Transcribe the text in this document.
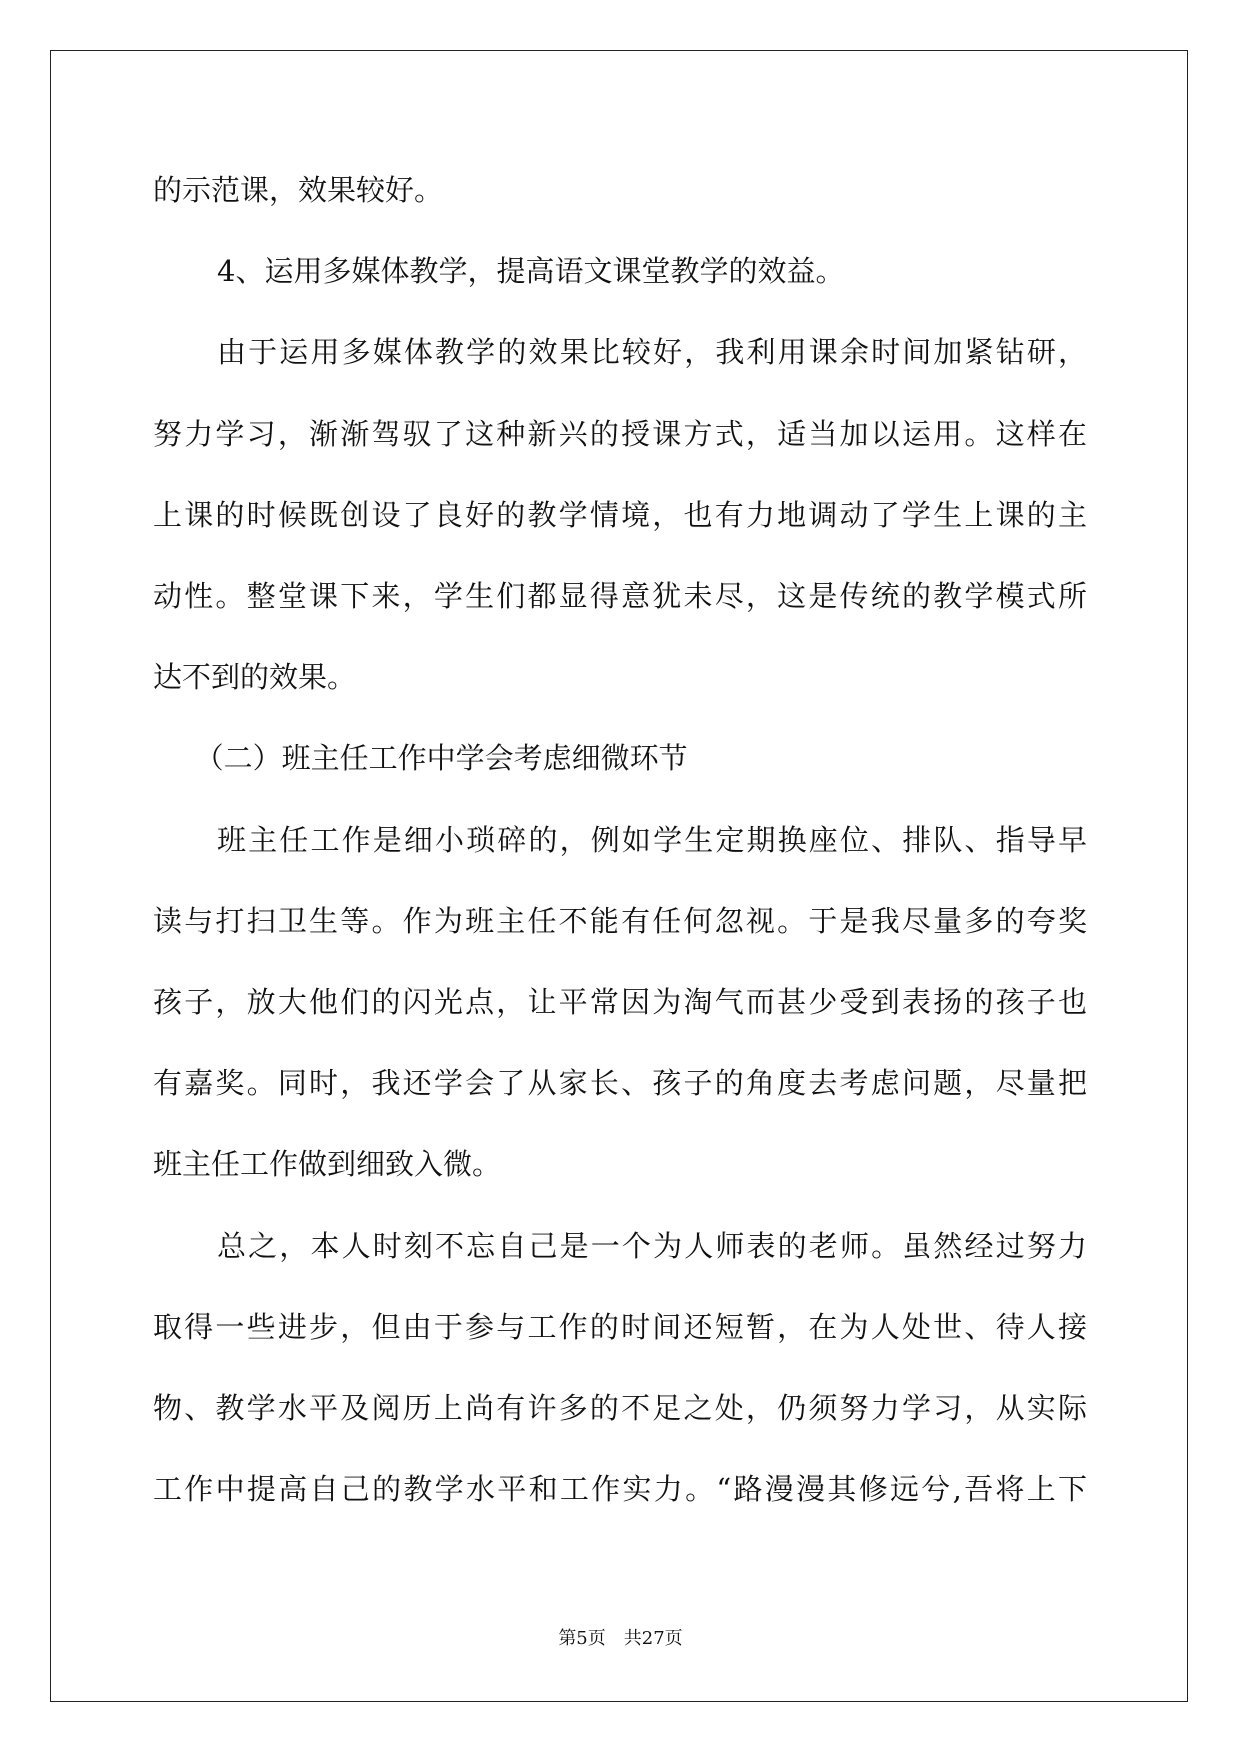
的示范课，效果较好。
4、运用多媒体教学，提高语文课堂教学的效益。
由于运用多媒体教学的效果比较好，我利用课余时间加紧钻研，
努力学习，渐渐驾驭了这种新兴的授课方式，适当加以运用。这样在
上课的时候既创设了良好的教学情境，也有力地调动了学生上课的主
动性。整堂课下来，学生们都显得意犹未尽，这是传统的教学模式所
达不到的效果。
（二）班主任工作中学会考虑细微环节
班主任工作是细小琐碎的，例如学生定期换座位、排队、指导早
读与打扫卫生等。作为班主任不能有任何忽视。于是我尽量多的夸奖
孩子，放大他们的闪光点，让平常因为淘气而甚少受到表扬的孩子也
有嘉奖。同时，我还学会了从家长、孩子的角度去考虑问题，尽量把
班主任工作做到细致入微。
总之，本人时刻不忘自己是一个为人师表的老师。虽然经过努力
取得一些进步，但由于参与工作的时间还短暂，在为人处世、待人接
物、教学水平及阅历上尚有许多的不足之处，仍须努力学习，从实际
工作中提高自己的教学水平和工作实力。“路漫漫其修远兮,吾将上下
第5页　共27页
